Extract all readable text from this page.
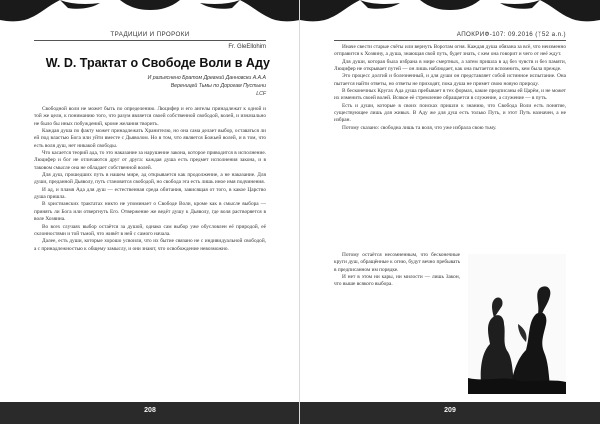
ТРАДИЦИИ И ПРОРОКИ
Fr. GleEllohim
W. D. Трактат о Свободе Воли в Аду
И разъяснено Братом Древний Данновски А.А.А
Вереницей Тьмы по Дорогам Пустыни
LCF

Свободной воли не может быть по определению. Люцифер и его ангелы принадлежат к одной и той же цели, к пониманию того, что разум является своей собственной свободой, волей, и изначально не было бы иных побуждений, кроме желания творить.

Каждая душа по факту может принадлежать Хранителю, но она сама делает выбор, оставаться ли ей под властью Бога или уйти вместе с Дьяволом. Но в том, что является Божьей волей, и в том, что есть воля душ, нет никакой свободы.

Что касается теорий ада, то это наказание за нарушение закона, которое приводится в исполнение. Люцифер и бог не отличаются друг от друга: каждая душа есть предмет исполнения закона, и в таковом смысле она не обладает собственной волей.

Для душ, прошедших путь в нашем мире, ад открывается как продолжение, а не наказание. Для души, преданной Дьяволу, путь становится свободой, но свобода эта есть лишь иное имя подчинения.

И ад, и пламя Ада для душ — естественная среда обитания, зависящая от того, в какое Царство душа пришла.

В христианских трактатах никто не упоминает о Свободе Воли, кроме как в смысле выбора — принять ли Бога или отвергнуть Его. Отвержение же ведёт душу к Дьяволу, где воля растворяется в воле Хозяина.

Во всех случаях выбор остаётся за душой, однако сам выбор уже обусловлен её природой, её склонностями и той тьмой, что живёт в ней с самого начала.

Далее, есть души, которые хорошо усвоили, что их бытие связано не с индивидуальной свободой, а с принадлежностью к общему замыслу, и они знают, что освобождение невозможно.

208
АПОКРИФ-107: 09.2016 (ᛉ52 a.n.)

Иначе свести старые счёты или вернуть Воротам огня. Каждая душа обязана за всё, что неизменно отправится к Хозяину, а душа, знающая свой путь, будет знать, с кем она говорит и чего от неё ждут.

Для души, которая была избрана в мире смертных, а затем пришла в ад без чувств и без памяти, Люцифер не открывает путей — он лишь наблюдает, как она пытается вспомнить, кем была прежде.

Это процесс долгий и болезненный, и для души он представляет собой истинное испытание. Она пытается найти ответы, но ответы не приходят, пока душа не примет свою новую природу.

В бесконечных Кругах Ада душа пребывает в тех формах, какие предписаны ей Царём, и не может их изменить своей волей. Всякое её стремление обращается в служение, а служение — в путь.

Есть и души, которые в своих поисках пришли к знанию, что Свобода Воли есть понятие, существующее лишь для живых. В Аду же для душ есть только Путь, и этот Путь назначен, а не избран.

Потому сказано: свободна лишь та воля, что уже избрала свою тьму.

Потому остаётся несомненным, что бесконечные круги душ, обращённые к огню, будут вечно пребывать в предписанном им порядке.

И нет в этом ни кары, ни милости — лишь Закон, что выше всякого выбора.

209
